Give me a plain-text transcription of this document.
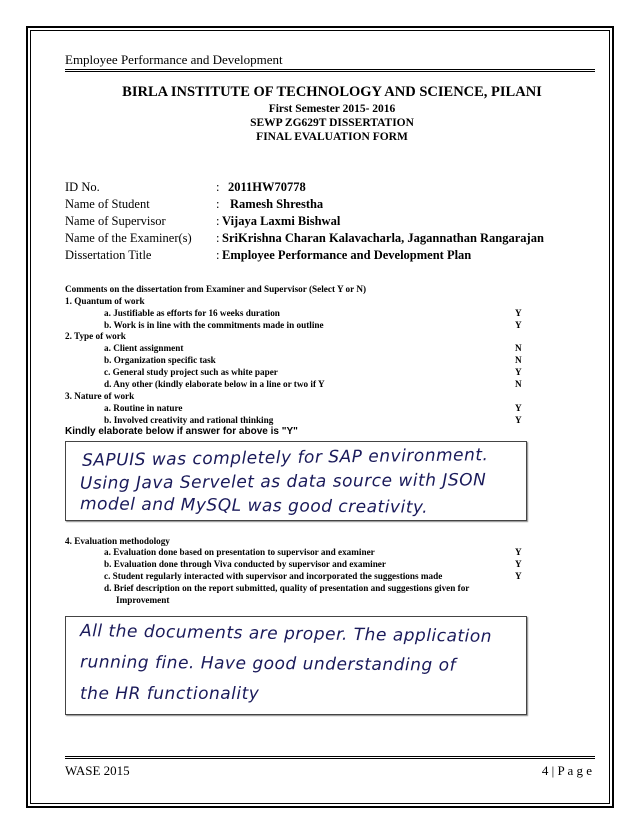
Employee Performance and Development
BIRLA INSTITUTE OF TECHNOLOGY AND SCIENCE, PILANI
First Semester 2015- 2016
SEWP ZG629T DISSERTATION
FINAL EVALUATION FORM
ID No.	: 2011HW70778
Name of Student	: Ramesh Shrestha
Name of Supervisor	: Vijaya Laxmi Bishwal
Name of the Examiner(s) : SriKrishna Charan Kalavacharla, Jagannathan Rangarajan
Dissertation Title	: Employee Performance and Development Plan
Comments on the dissertation from Examiner and Supervisor (Select Y or N)
1. Quantum of work
a. Justifiable as efforts for 16 weeks duration	Y
b. Work is in line with the commitments made in outline	Y
2. Type of work
a. Client assignment	N
b. Organization specific task	N
c. General study project such as white paper	Y
d. Any other (kindly elaborate below in a line or two if Y	N
3. Nature of work
a. Routine in nature	Y
b. Involved creativity and rational thinking	Y
Kindly elaborate below if answer for above is "Y"
SAPUIS was completely for SAP environment.
Using Java Servelet as data source with JSON
model and MySQL was good creativity.
4. Evaluation methodology
a. Evaluation done based on presentation to supervisor and examiner	Y
b. Evaluation done through Viva conducted by supervisor and examiner	Y
c. Student regularly interacted with supervisor and incorporated the suggestions made	Y
d. Brief description on the report submitted, quality of presentation and suggestions given for
Improvement
All the documents are proper. The application
running fine. Have good understanding of
the HR functionality
WASE 2015	4 | P a g e
